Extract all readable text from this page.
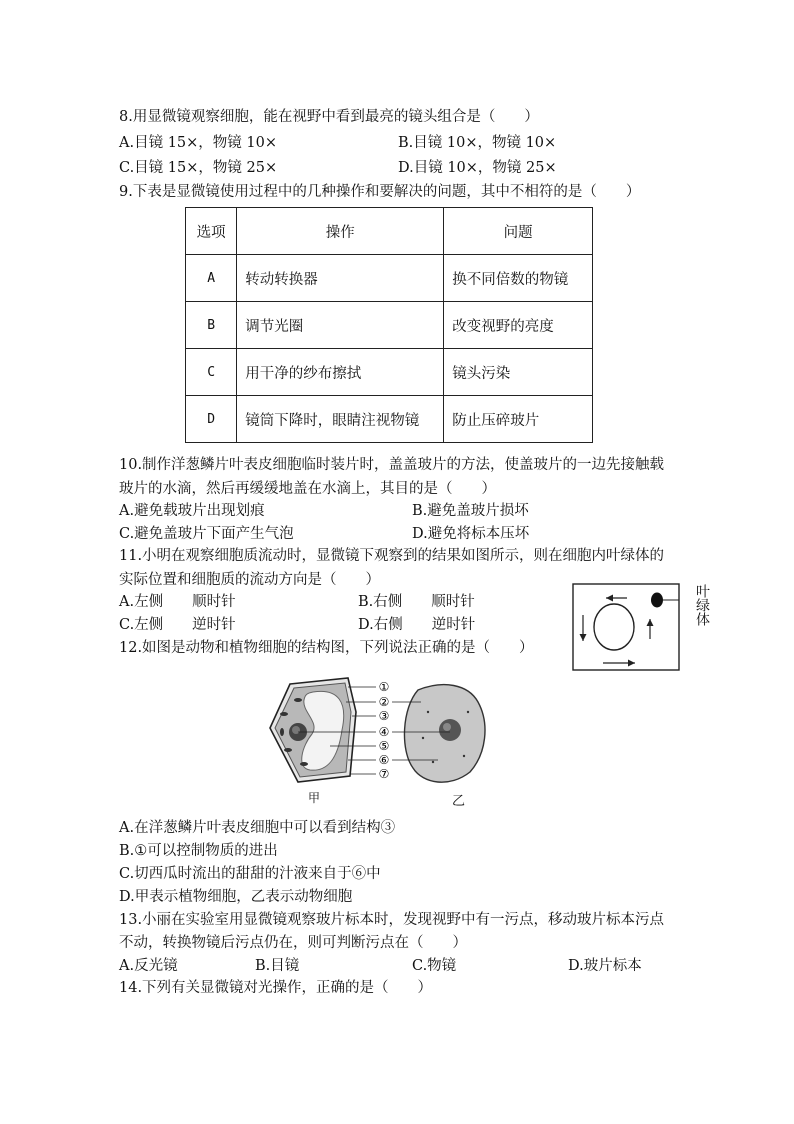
8.用显微镜观察细胞，能在视野中看到最亮的镜头组合是（　　）
A.目镜 15×，物镜 10×	B.目镜 10×，物镜 10×
C.目镜 15×，物镜 25×	D.目镜 10×，物镜 25×
9.下表是显微镜使用过程中的几种操作和要解决的问题，其中不相符的是（　　）
选项	操作	问题
A	转动转换器	换不同倍数的物镜
B	调节光圈	改变视野的亮度
C	用干净的纱布擦拭	镜头污染
D	镜筒下降时，眼睛注视物镜	防止压碎玻片
10.制作洋葱鳞片叶表皮细胞临时装片时，盖盖玻片的方法，使盖玻片的一边先接触载
玻片的水滴，然后再缓缓地盖在水滴上，其目的是（　　）
A.避免载玻片出现划痕	B.避免盖玻片损坏
C.避免盖玻片下面产生气泡	D.避免将标本压坏
11.小明在观察细胞质流动时，显微镜下观察到的结果如图所示，则在细胞内叶绿体的
实际位置和细胞质的流动方向是（　　）
A.左侧　　顺时针	B.右侧　　顺时针
C.左侧　　逆时针	D.右侧　　逆时针	叶绿体
12.如图是动物和植物细胞的结构图，下列说法正确的是（　　）
①
②
③
④
⑤
⑥
⑦
甲	乙
A.在洋葱鳞片叶表皮细胞中可以看到结构③
B.①可以控制物质的进出
C.切西瓜时流出的甜甜的汁液来自于⑥中
D.甲表示植物细胞，乙表示动物细胞
13.小丽在实验室用显微镜观察玻片标本时，发现视野中有一污点，移动玻片标本污点
不动，转换物镜后污点仍在，则可判断污点在（　　）
A.反光镜	B.目镜	C.物镜	D.玻片标本
14.下列有关显微镜对光操作，正确的是（　　）
